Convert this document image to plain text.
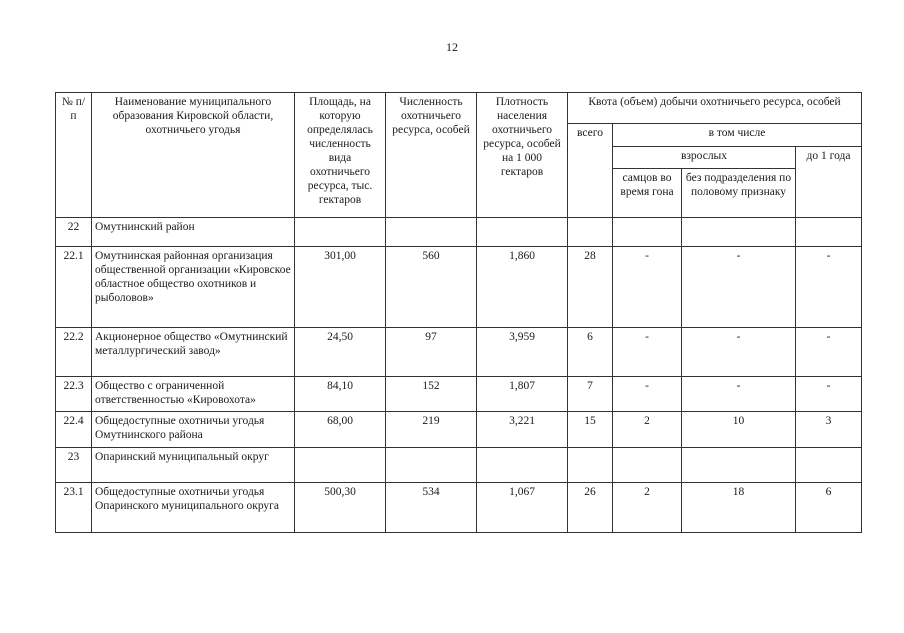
12
№ п/п	Наименование муниципального образования Кировской области, охотничьего угодья	Площадь, на которую определялась численность вида охотничьего ресурса, тыс. гектаров	Численность охотничьего ресурса, особей	Плотность населения охотничьего ресурса, особей на 1 000 гектаров	Квота (объем) добычи охотничьего ресурса, особей			
					всего	в том числе		
						взрослых		до 1 года
						самцов во время гона	без подразделения по половому признаку	
22	Омутнинский район							
22.1	Омутнинская районная организация общественной организации «Кировское областное общество охотников и рыболовов»	301,00	560	1,860	28	-	-	-
22.2	Акционерное общество «Омутнинский металлургический завод»	24,50	97	3,959	6	-	-	-
22.3	Общество с ограниченной ответственностью «Кировохота»	84,10	152	1,807	7	-	-	-
22.4	Общедоступные охотничьи угодья Омутнинского района	68,00	219	3,221	15	2	10	3
23	Опаринский муниципальный округ							
23.1	Общедоступные охотничьи угодья Опаринского муниципального округа	500,30	534	1,067	26	2	18	6
